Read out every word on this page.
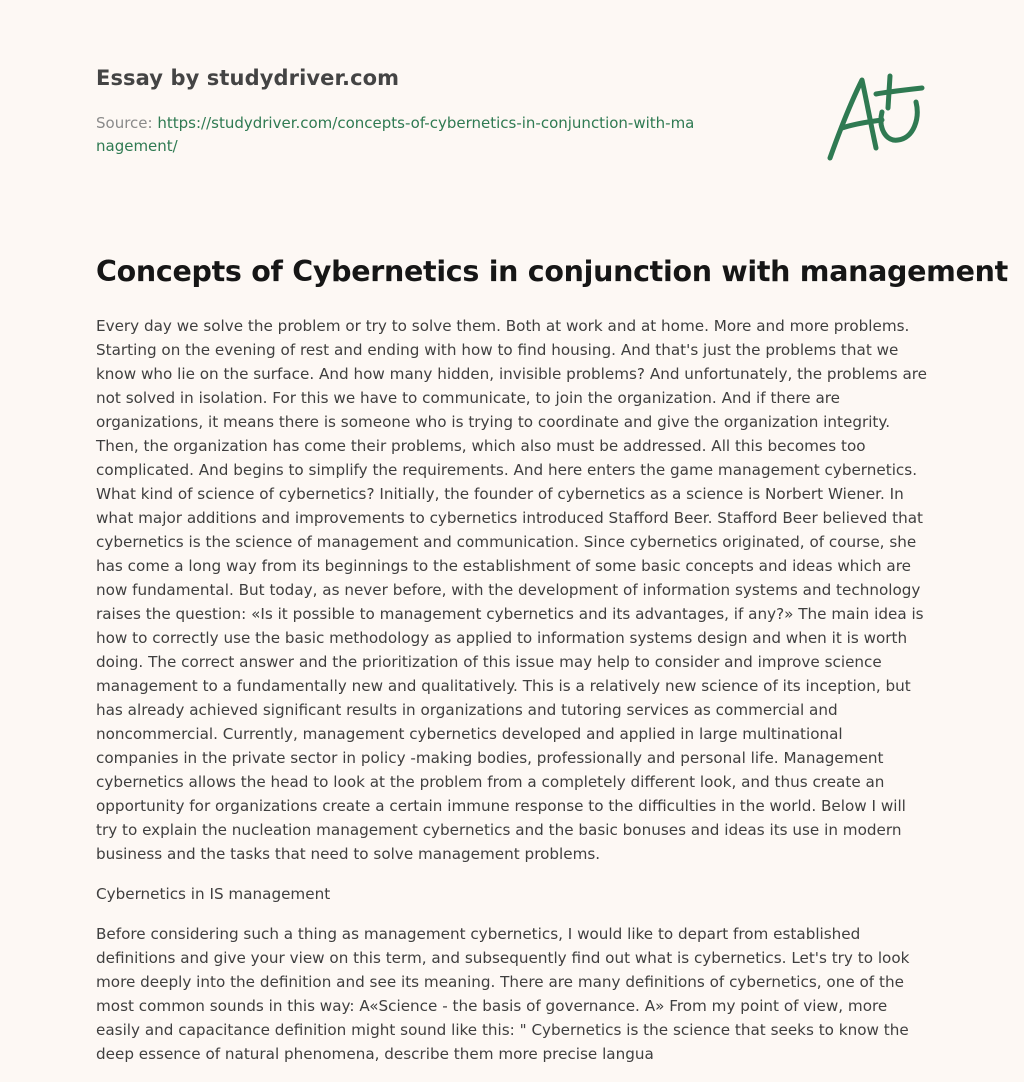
Essay by studydriver.com
Source: https://studydriver.com/concepts-of-cybernetics-in-conjunction-with-management/
Concepts of Cybernetics in conjunction with management

Every day we solve the problem or try to solve them. Both at work and at home. More and more problems. Starting on the evening of rest and ending with how to find housing. And that's just the problems that we know who lie on the surface. And how many hidden, invisible problems? And unfortunately, the problems are not solved in isolation. For this we have to communicate, to join the organization. And if there are organizations, it means there is someone who is trying to coordinate and give the organization integrity. Then, the organization has come their problems, which also must be addressed. All this becomes too complicated. And begins to simplify the requirements. And here enters the game management cybernetics. What kind of science of cybernetics? Initially, the founder of cybernetics as a science is Norbert Wiener. In what major additions and improvements to cybernetics introduced Stafford Beer. Stafford Beer believed that cybernetics is the science of management and communication. Since cybernetics originated, of course, she has come a long way from its beginnings to the establishment of some basic concepts and ideas which are now fundamental. But today, as never before, with the development of information systems and technology raises the question: «Is it possible to management cybernetics and its advantages, if any?» The main idea is how to correctly use the basic methodology as applied to information systems design and when it is worth doing. The correct answer and the prioritization of this issue may help to consider and improve science management to a fundamentally new and qualitatively. This is a relatively new science of its inception, but has already achieved significant results in organizations and tutoring services as commercial and noncommercial. Currently, management cybernetics developed and applied in large multinational companies in the private sector in policy -making bodies, professionally and personal life. Management cybernetics allows the head to look at the problem from a completely different look, and thus create an opportunity for organizations create a certain immune response to the difficulties in the world. Below I will try to explain the nucleation management cybernetics and the basic bonuses and ideas its use in modern business and the tasks that need to solve management problems.

Cybernetics in IS management

Before considering such a thing as management cybernetics, I would like to depart from established definitions and give your view on this term, and subsequently find out what is cybernetics. Let's try to look more deeply into the definition and see its meaning. There are many definitions of cybernetics, one of the most common sounds in this way: A«Science - the basis of governance. A» From my point of view, more easily and capacitance definition might sound like this: " Cybernetics is the science that seeks to know the deep essence of natural phenomena, describe them more precise langua
